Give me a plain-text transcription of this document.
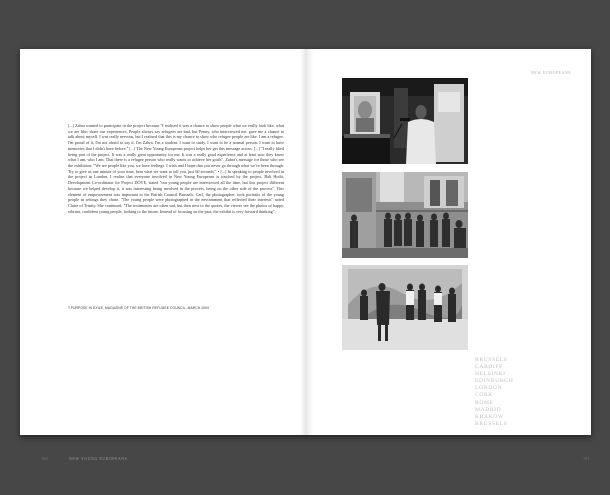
[...] Zahra wanted to participate in the project because "I realised it was a chance to show people what we really look like, what we are like; share our experiences. People always say refugees are bad, but Penny, who interviewed me, gave me a chance to talk about myself. I was really nervous, but I realised that this is my chance to show who refugee people are like. I am a refugee. I'm proud of it, I'm not afraid to say it. I'm Zahra, I'm a student. I want to study. I want to be a normal person. I want to have memories that I didn't have before." [...] The New Young Europeans project helps her get this message across. [...] "I really liked being part of the project. It was a really great opportunity for me. It was a really good experience and at least now they know what I am, who I am. That there is a refugee person who really wants to achieve her goals". Zahra's message for those who see the exhibition: "We are people like you, we have feelings. I wish and I hope that you never go through what we've been through. Try to give us one minute of your time, hear what we want to tell you, just 60 seconds". • [...] In speaking to people involved in the project in London, I realise that everyone involved in New Young Europeans is touched by the project. Bali Hothi, Development Co-ordinator for Project DOVE, stated "our young people are interviewed all the time, but this project different because we helped develop it, it was interesting being involved in the process, being on the other side of the process". This element of empowerment was important to the British Council Brussels. Carl, the photographer, took portraits of the young people in settings they chose. "The young people were photographed in the environment that reflected their interests" noted Claire of Trinity. She continued, "The testimonies are often sad, but then next to the quotes, the viewer see the photos of happy, vibrant, confident young people, looking to the future. Instead of focusing on the past, the exhibit is very forward thinking".
T.PURPOSE IN EXILE, MAGAZINE OF THE BRITISH REFUGEE COUNCIL, MARCH 2004
180	NEW YOUNG EUROPEANS
NEW EUROPEANS
BRUSSELS
CARDIFF
HELSINKI
EDINBURGH
LONDON
CORK
ROME
MADRID
KRAKOW
BRUSSELS
181
